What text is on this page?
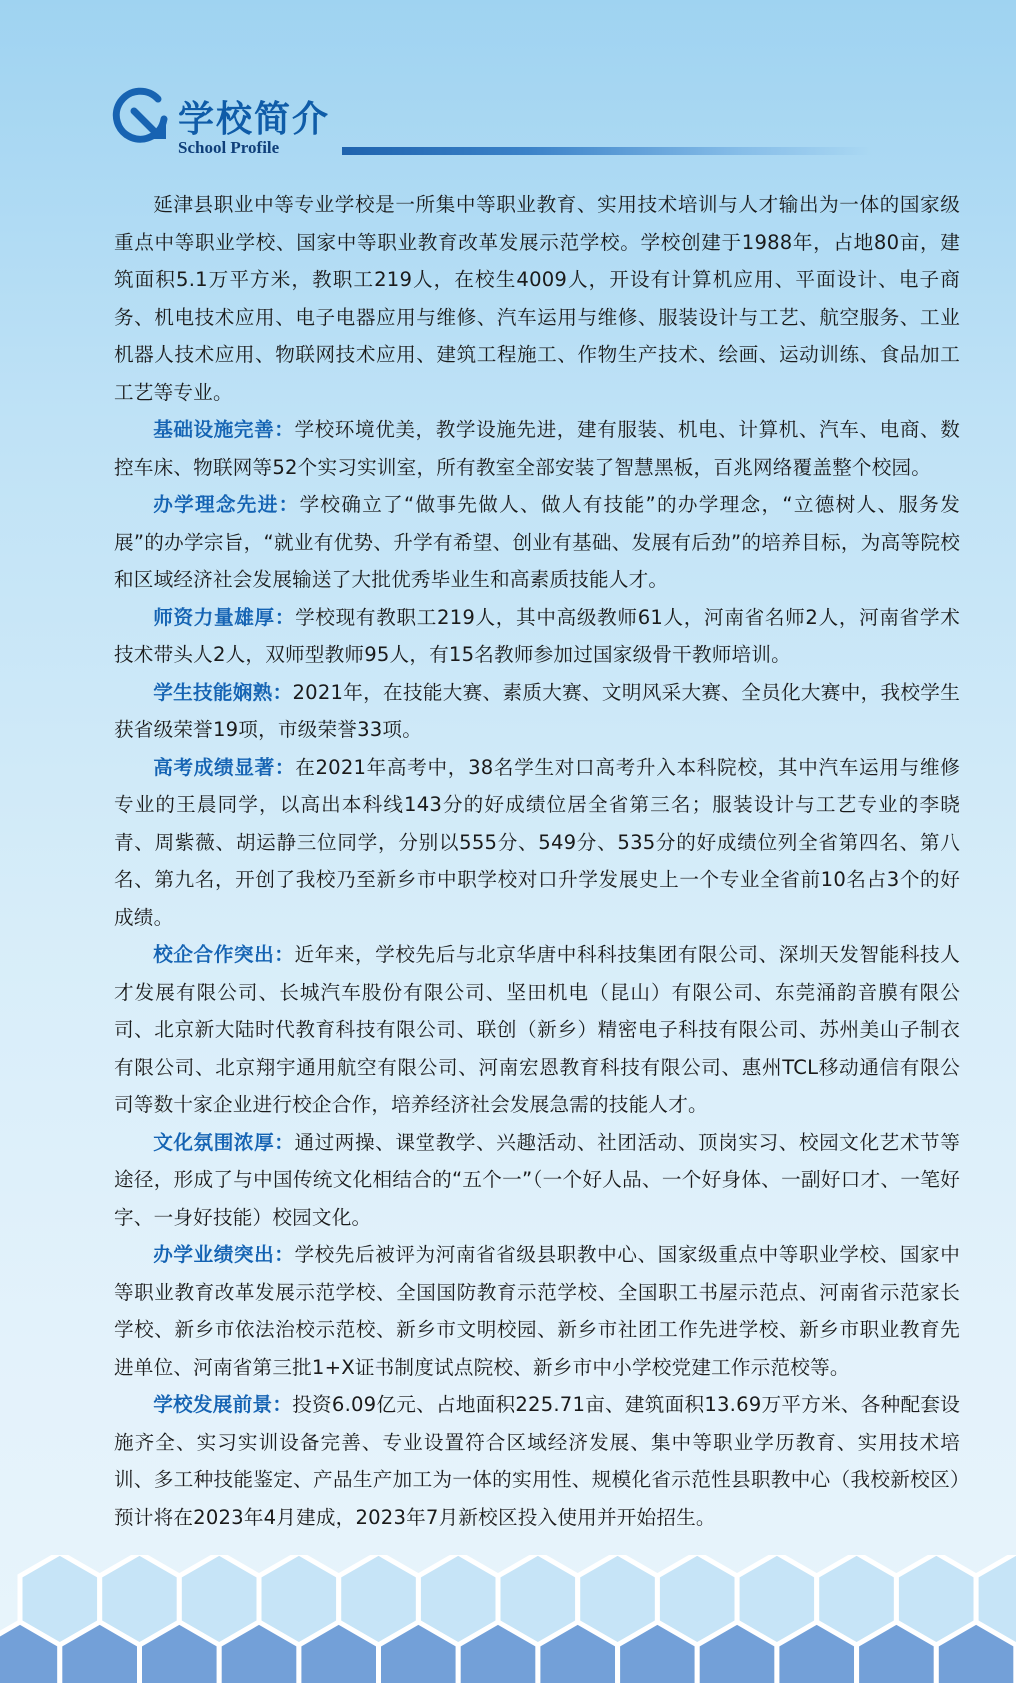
学校简介
School Profile

延津县职业中等专业学校是一所集中等职业教育、实用技术培训与人才输出为一体的国家级重点中等职业学校、国家中等职业教育改革发展示范学校。学校创建于1988年，占地80亩，建筑面积5.1万平方米，教职工219人，在校生4009人，开设有计算机应用、平面设计、电子商务、机电技术应用、电子电器应用与维修、汽车运用与维修、服装设计与工艺、航空服务、工业机器人技术应用、物联网技术应用、建筑工程施工、作物生产技术、绘画、运动训练、食品加工工艺等专业。

基础设施完善：学校环境优美，教学设施先进，建有服装、机电、计算机、汽车、电商、数控车床、物联网等52个实习实训室，所有教室全部安装了智慧黑板，百兆网络覆盖整个校园。

办学理念先进：学校确立了“做事先做人、做人有技能”的办学理念，“立德树人、服务发展”的办学宗旨，“就业有优势、升学有希望、创业有基础、发展有后劲”的培养目标，为高等院校和区域经济社会发展输送了大批优秀毕业生和高素质技能人才。

师资力量雄厚：学校现有教职工219人，其中高级教师61人，河南省名师2人，河南省学术技术带头人2人，双师型教师95人，有15名教师参加过国家级骨干教师培训。

学生技能娴熟：2021年，在技能大赛、素质大赛、文明风采大赛、全员化大赛中，我校学生获省级荣誉19项，市级荣誉33项。

高考成绩显著：在2021年高考中，38名学生对口高考升入本科院校，其中汽车运用与维修专业的王晨同学，以高出本科线143分的好成绩位居全省第三名；服装设计与工艺专业的李晓青、周紫薇、胡运静三位同学，分别以555分、549分、535分的好成绩位列全省第四名、第八名、第九名，开创了我校乃至新乡市中职学校对口升学发展史上一个专业全省前10名占3个的好成绩。

校企合作突出：近年来，学校先后与北京华唐中科科技集团有限公司、深圳天发智能科技人才发展有限公司、长城汽车股份有限公司、坚田机电（昆山）有限公司、东莞涌韵音膜有限公司、北京新大陆时代教育科技有限公司、联创（新乡）精密电子科技有限公司、苏州美山子制衣有限公司、北京翔宇通用航空有限公司、河南宏恩教育科技有限公司、惠州TCL移动通信有限公司等数十家企业进行校企合作，培养经济社会发展急需的技能人才。

文化氛围浓厚：通过两操、课堂教学、兴趣活动、社团活动、顶岗实习、校园文化艺术节等途径，形成了与中国传统文化相结合的“五个一”（一个好人品、一个好身体、一副好口才、一笔好字、一身好技能）校园文化。

办学业绩突出：学校先后被评为河南省省级县职教中心、国家级重点中等职业学校、国家中等职业教育改革发展示范学校、全国国防教育示范学校、全国职工书屋示范点、河南省示范家长学校、新乡市依法治校示范校、新乡市文明校园、新乡市社团工作先进学校、新乡市职业教育先进单位、河南省第三批1+X证书制度试点院校、新乡市中小学校党建工作示范校等。

学校发展前景：投资6.09亿元、占地面积225.71亩、建筑面积13.69万平方米、各种配套设施齐全、实习实训设备完善、专业设置符合区域经济发展、集中等职业学历教育、实用技术培训、多工种技能鉴定、产品生产加工为一体的实用性、规模化省示范性县职教中心（我校新校区）预计将在2023年4月建成，2023年7月新校区投入使用并开始招生。
